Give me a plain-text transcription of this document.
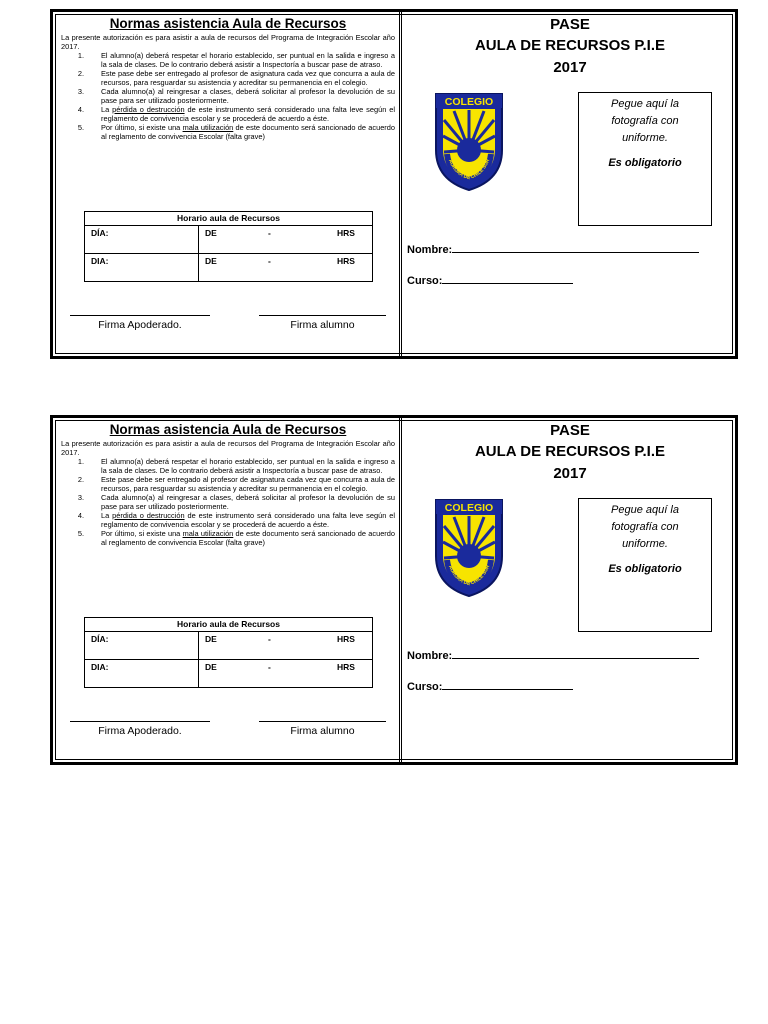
Normas asistencia Aula de Recursos

La presente autorización es para asistir a aula de recursos del Programa de Integración Escolar año 2017.

1.	El alumno(a) deberá respetar el horario establecido, ser puntual en la salida e ingreso a la sala de clases. De lo contrario deberá asistir a Inspectoría a buscar pase de atraso.
2.	Este pase debe ser entregado al profesor de asignatura cada vez que concurra a aula de recursos, para resguardar su asistencia y acreditar su permanencia en el colegio.
3.	Cada alumno(a) al reingresar a clases, deberá solicitar al profesor la devolución de su pase para ser utilizado posteriormente.
4.	La pérdida o destrucción de este instrumento será considerado una falta leve según el reglamento de convivencia escolar y se procederá de acuerdo a éste.
5.	Por último, si existe una mala utilización de este documento será sancionado de acuerdo al reglamento de convivencia Escolar (falta grave)
Horario aula de Recursos
DÍA:	DE	-	HRS
DIA:	DE	-	HRS
Firma Apoderado.	Firma alumno
PASE
AULA DE RECURSOS P.I.E
2017
COLEGIO
AURORA DE CHILE SUR
Pegue aquí la
fotografía con
uniforme.
Es obligatorio
Nombre:
Curso:

Normas asistencia Aula de Recursos

La presente autorización es para asistir a aula de recursos del Programa de Integración Escolar año 2017.

1.	El alumno(a) deberá respetar el horario establecido, ser puntual en la salida e ingreso a la sala de clases. De lo contrario deberá asistir a Inspectoría a buscar pase de atraso.
2.	Este pase debe ser entregado al profesor de asignatura cada vez que concurra a aula de recursos, para resguardar su asistencia y acreditar su permanencia en el colegio.
3.	Cada alumno(a) al reingresar a clases, deberá solicitar al profesor la devolución de su pase para ser utilizado posteriormente.
4.	La pérdida o destrucción de este instrumento será considerado una falta leve según el reglamento de convivencia escolar y se procederá de acuerdo a éste.
5.	Por último, si existe una mala utilización de este documento será sancionado de acuerdo al reglamento de convivencia Escolar (falta grave)
Horario aula de Recursos
DÍA:	DE	-	HRS
DIA:	DE	-	HRS
Firma Apoderado.	Firma alumno
PASE
AULA DE RECURSOS P.I.E
2017
COLEGIO
AURORA DE CHILE SUR
Pegue aquí la
fotografía con
uniforme.
Es obligatorio
Nombre:
Curso:
